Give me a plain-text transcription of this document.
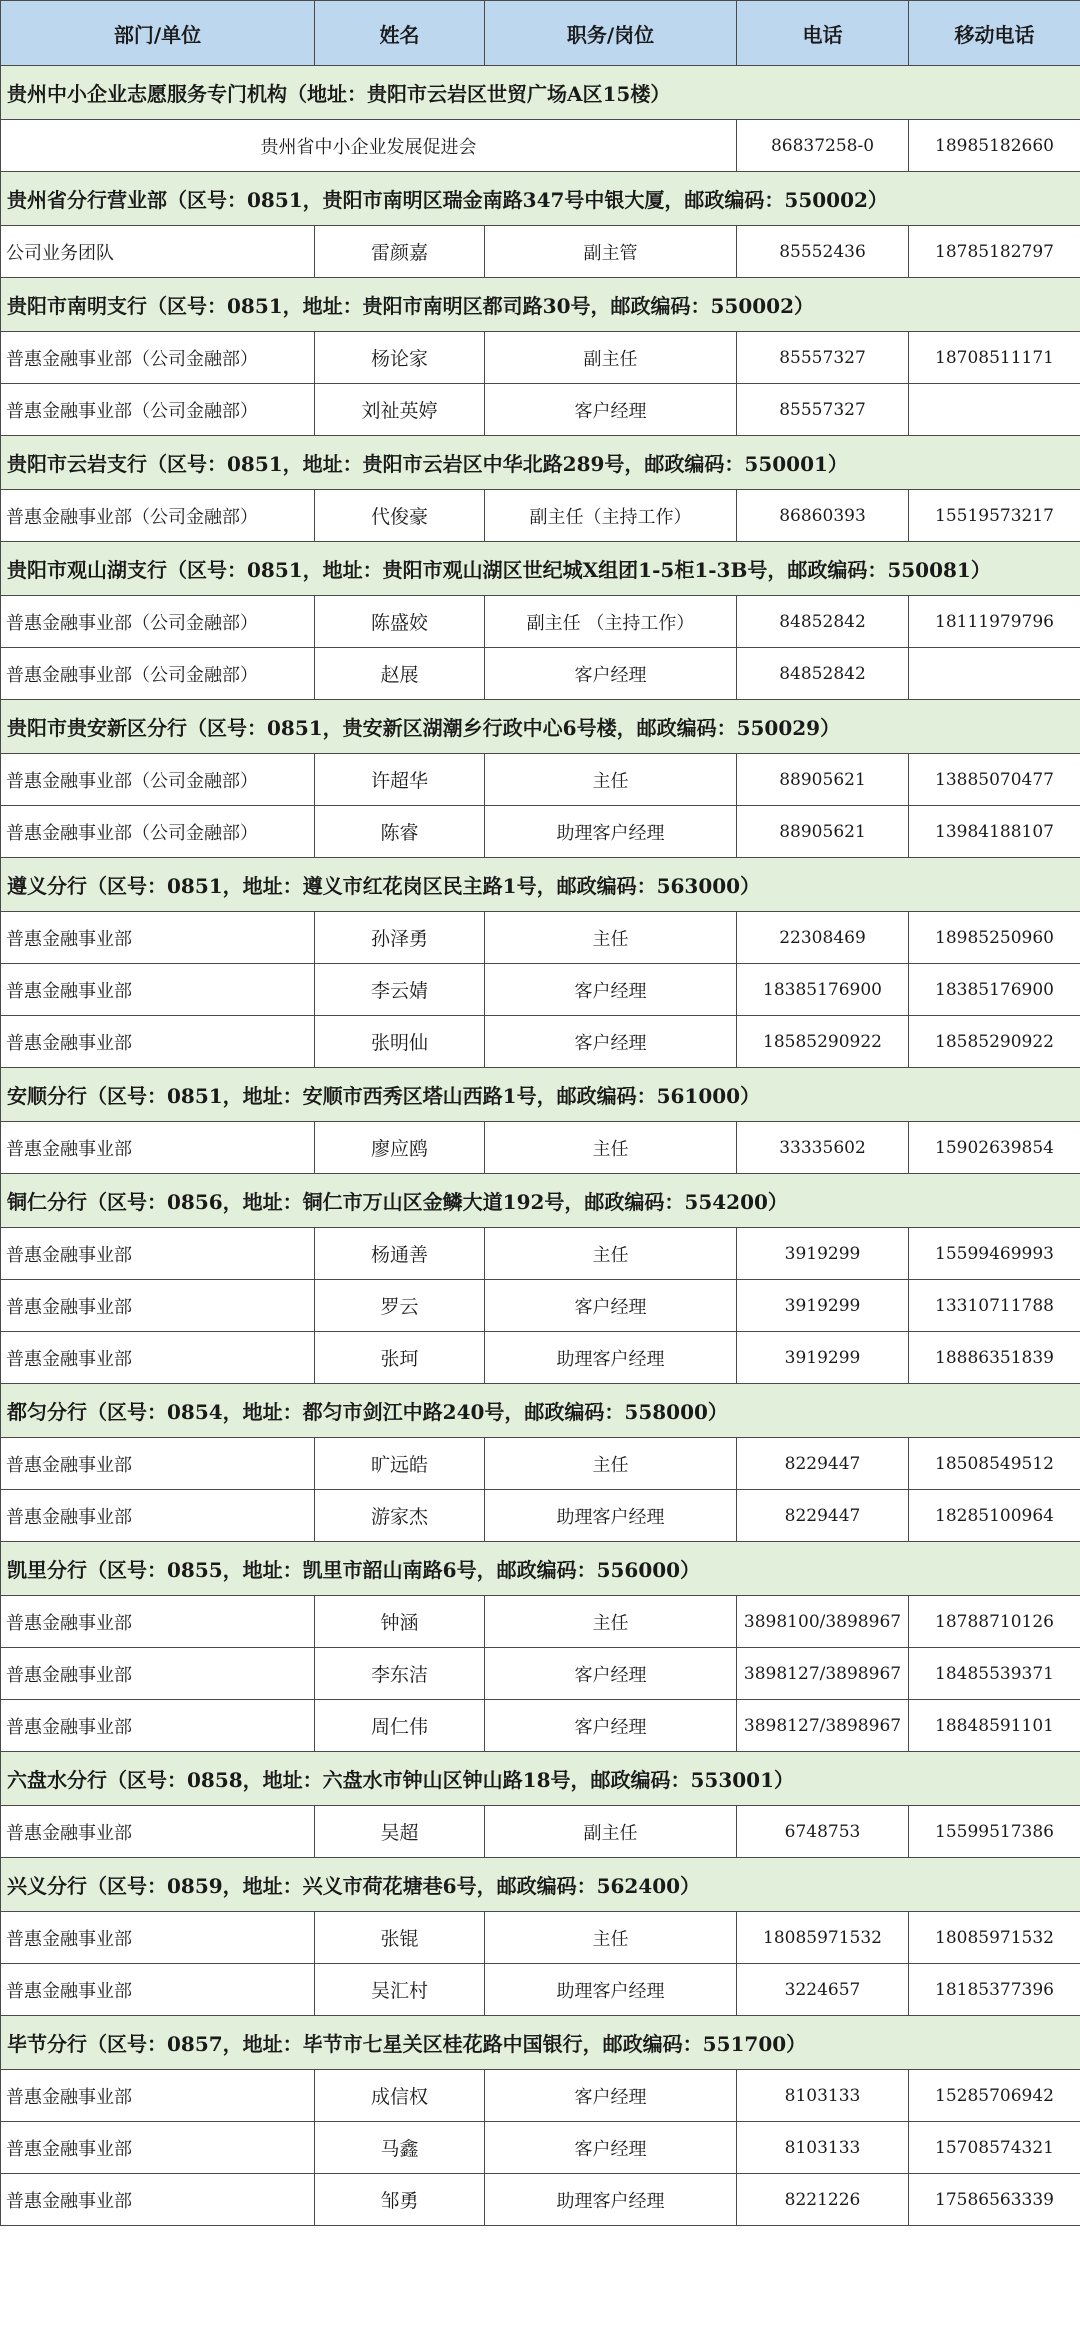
部门/单位	姓名	职务/岗位	电话	移动电话
贵州中小企业志愿服务专门机构（地址：贵阳市云岩区世贸广场A区15楼）				
贵州省中小企业发展促进会			86837258-0	18985182660
贵州省分行营业部（区号：0851，贵阳市南明区瑞金南路347号中银大厦，邮政编码：550002）				
公司业务团队	雷颜嘉	副主管	85552436	18785182797
贵阳市南明支行（区号：0851，地址：贵阳市南明区都司路30号，邮政编码：550002）				
普惠金融事业部（公司金融部）	杨论家	副主任	85557327	18708511171
普惠金融事业部（公司金融部）	刘祉英婷	客户经理	85557327	
贵阳市云岩支行（区号：0851，地址：贵阳市云岩区中华北路289号，邮政编码：550001）				
普惠金融事业部（公司金融部）	代俊豪	副主任（主持工作）	86860393	15519573217
贵阳市观山湖支行（区号：0851，地址：贵阳市观山湖区世纪城X组团1-5柜1-3B号，邮政编码：550081）				
普惠金融事业部（公司金融部）	陈盛姣	副主任 （主持工作）	84852842	18111979796
普惠金融事业部（公司金融部）	赵展	客户经理	84852842	
贵阳市贵安新区分行（区号：0851，贵安新区湖潮乡行政中心6号楼，邮政编码：550029）				
普惠金融事业部（公司金融部）	许超华	主任	88905621	13885070477
普惠金融事业部（公司金融部）	陈睿	助理客户经理	88905621	13984188107
遵义分行（区号：0851，地址：遵义市红花岗区民主路1号，邮政编码：563000）				
普惠金融事业部	孙泽勇	主任	22308469	18985250960
普惠金融事业部	李云婧	客户经理	18385176900	18385176900
普惠金融事业部	张明仙	客户经理	18585290922	18585290922
安顺分行（区号：0851，地址：安顺市西秀区塔山西路1号，邮政编码：561000）				
普惠金融事业部	廖应鸥	主任	33335602	15902639854
铜仁分行（区号：0856，地址：铜仁市万山区金鳞大道192号，邮政编码：554200）				
普惠金融事业部	杨通善	主任	3919299	15599469993
普惠金融事业部	罗云	客户经理	3919299	13310711788
普惠金融事业部	张珂	助理客户经理	3919299	18886351839
都匀分行（区号：0854，地址：都匀市剑江中路240号，邮政编码：558000）				
普惠金融事业部	旷远皓	主任	8229447	18508549512
普惠金融事业部	游家杰	助理客户经理	8229447	18285100964
凯里分行（区号：0855，地址：凯里市韶山南路6号，邮政编码：556000）				
普惠金融事业部	钟涵	主任	3898100/3898967	18788710126
普惠金融事业部	李东洁	客户经理	3898127/3898967	18485539371
普惠金融事业部	周仁伟	客户经理	3898127/3898967	18848591101
六盘水分行（区号：0858，地址：六盘水市钟山区钟山路18号，邮政编码：553001）				
普惠金融事业部	吴超	副主任	6748753	15599517386
兴义分行（区号：0859，地址：兴义市荷花塘巷6号，邮政编码：562400）				
普惠金融事业部	张锟	主任	18085971532	18085971532
普惠金融事业部	吴汇村	助理客户经理	3224657	18185377396
毕节分行（区号：0857，地址：毕节市七星关区桂花路中国银行，邮政编码：551700）				
普惠金融事业部	成信权	客户经理	8103133	15285706942
普惠金融事业部	马鑫	客户经理	8103133	15708574321
普惠金融事业部	邹勇	助理客户经理	8221226	17586563339
